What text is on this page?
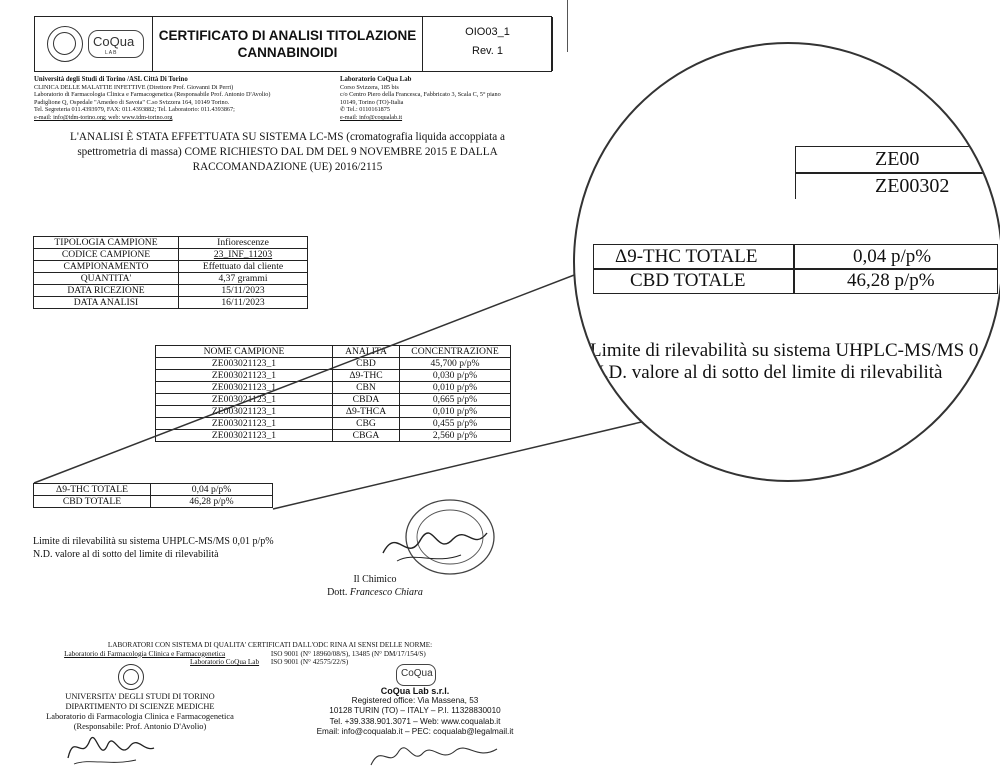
CoQua
L A B
CERTIFICATO DI ANALISI TITOLAZIONE
CANNABINOIDI
OIO03_1
Rev. 1
Università degli Studi di Torino /ASL Città Di Torino
CLINICA DELLE MALATTIE INFETTIVE (Direttore Prof. Giovanni Di Perri)
Laboratorio di Farmacologia Clinica e Farmacogenetica (Responsabile Prof. Antonio D'Avolio)
Padiglione Q, Ospedale "Amedeo di Savoia" C.so Svizzera 164, 10149 Torino.
Tel. Segreteria 011.4393979, FAX: 011.4393882; Tel. Laboratorio: 011.4393867;
e-mail: info@tdm-torino.org; web: www.tdm-torino.org
Laboratorio CoQua Lab
Corso Svizzera, 185 bis
c/o Centro Piero della Francesca, Fabbricato 3, Scala C, 5° piano
10149, Torino (TO)-Italia
✆ Tel.: 0110161875
e-mail: info@coqualab.it
L'ANALISI È STATA EFFETTUATA SU SISTEMA LC-MS (cromatografia liquida accoppiata a
spettrometria di massa) COME RICHIESTO DAL DM DEL 9 NOVEMBRE 2015 E DALLA
RACCOMANDAZIONE (UE) 2016/2115
TIPOLOGIA CAMPIONE	Infiorescenze
CODICE CAMPIONE	23_INF_11203
CAMPIONAMENTO	Effettuato dal cliente
QUANTITA'	4,37 grammi
DATA RICEZIONE	15/11/2023
DATA ANALISI	16/11/2023
NOME CAMPIONE	ANALITA	CONCENTRAZIONE
ZE003021123_1	CBD	45,700 p/p%
ZE003021123_1	Δ9-THC	0,030 p/p%
ZE003021123_1	CBN	0,010 p/p%
ZE003021123_1	CBDA	0,665 p/p%
ZE003021123_1	Δ9-THCA	0,010 p/p%
ZE003021123_1	CBG	0,455 p/p%
ZE003021123_1	CBGA	2,560 p/p%
Δ9-THC TOTALE	0,04 p/p%
CBD TOTALE	46,28 p/p%
Limite di rilevabilità su sistema UHPLC-MS/MS 0,01 p/p%
N.D. valore al di sotto del limite di rilevabilità
Il Chimico
Dott. Francesco Chiara
ZE00
ZE00302
Δ9-THC TOTALE	0,04 p/p%
CBD TOTALE	46,28 p/p%
Limite di rilevabilità su sistema UHPLC-MS/MS 0
N.D. valore al di sotto del limite di rilevabilità
LABORATORI CON SISTEMA DI QUALITA' CERTIFICATI DALL'ODC RINA AI SENSI DELLE NORME:
Laboratorio di Farmacologia Clinica e Farmacogenetica	ISO 9001 (N° 18960/08/S), 13485 (N° DM/17/154/S)
Laboratorio CoQua Lab ISO 9001 (N° 42575/22/S)
UNIVERSITA' DEGLI STUDI DI TORINO
DIPARTIMENTO DI SCIENZE MEDICHE
Laboratorio di Farmacologia Clinica e Farmacogenetica
(Responsabile: Prof. Antonio D'Avolio)
CoQua
CoQua Lab s.r.l.
Registered office: Via Massena, 53
10128 TURIN (TO) – ITALY – P.I. 11328830010
Tel. +39.338.901.3071 – Web: www.coqualab.it
Email: info@coqualab.it – PEC: coqualab@legalmail.it
